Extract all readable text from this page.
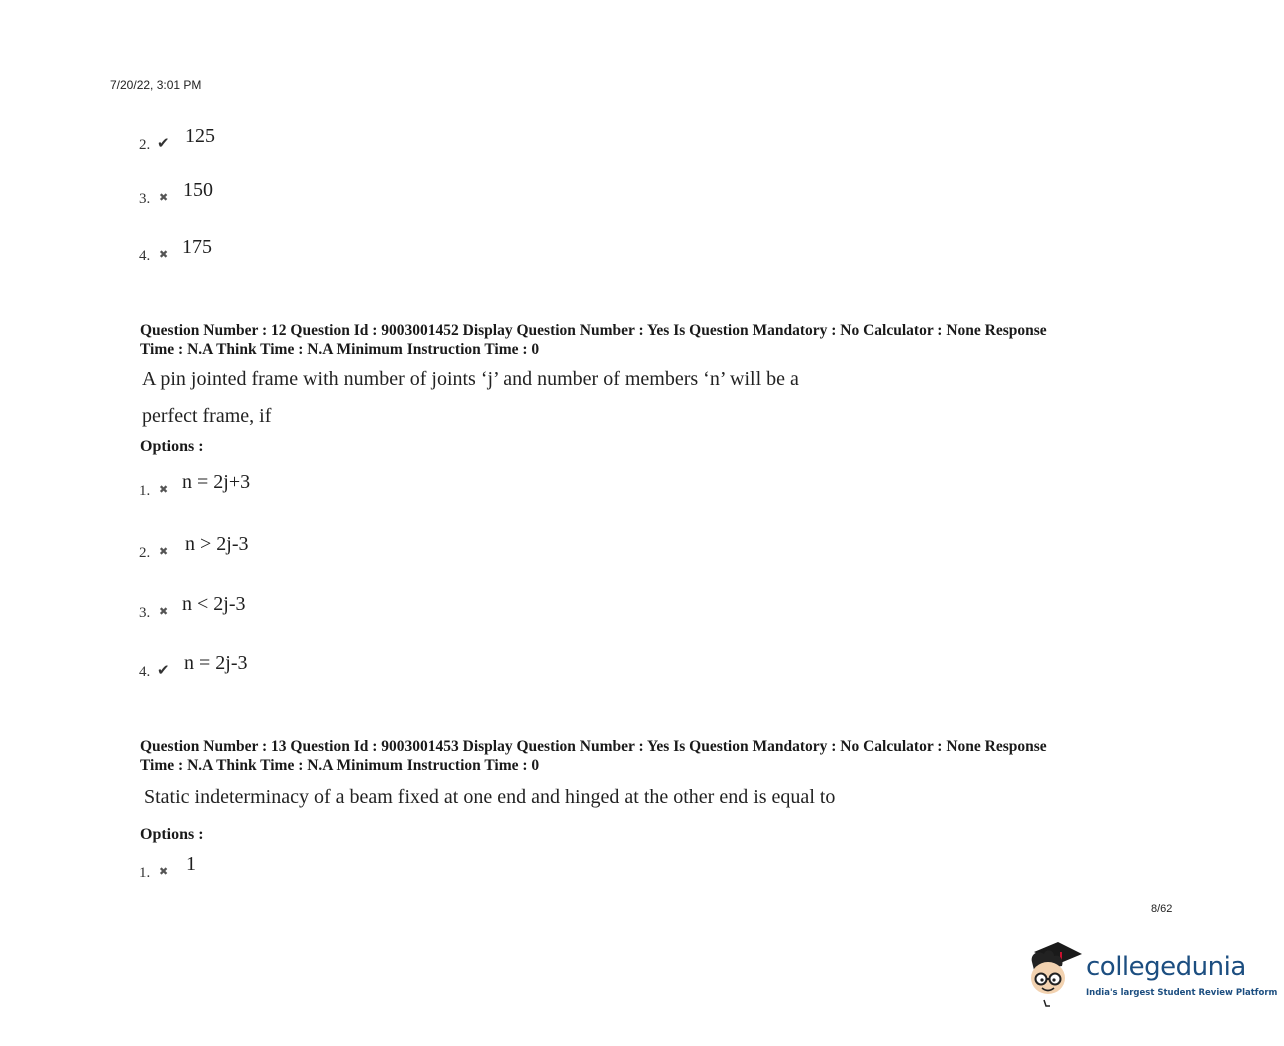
7/20/22, 3:01 PM
2. ✔ 125
3. ✖ 150
4. ✖ 175
Question Number : 12 Question Id : 9003001452 Display Question Number : Yes Is Question Mandatory : No Calculator : None Response
Time : N.A Think Time : N.A Minimum Instruction Time : 0
A pin jointed frame with number of joints ‘j’ and number of members ‘n’ will be a
perfect frame, if
Options :
1. ✖ n = 2j+3
2. ✖ n > 2j-3
3. ✖ n < 2j-3
4. ✔ n = 2j-3
Question Number : 13 Question Id : 9003001453 Display Question Number : Yes Is Question Mandatory : No Calculator : None Response
Time : N.A Think Time : N.A Minimum Instruction Time : 0
Static indeterminacy of a beam fixed at one end and hinged at the other end is equal to
Options :
1. ✖ 1
8/62
collegedunia
India's largest Student Review Platform
